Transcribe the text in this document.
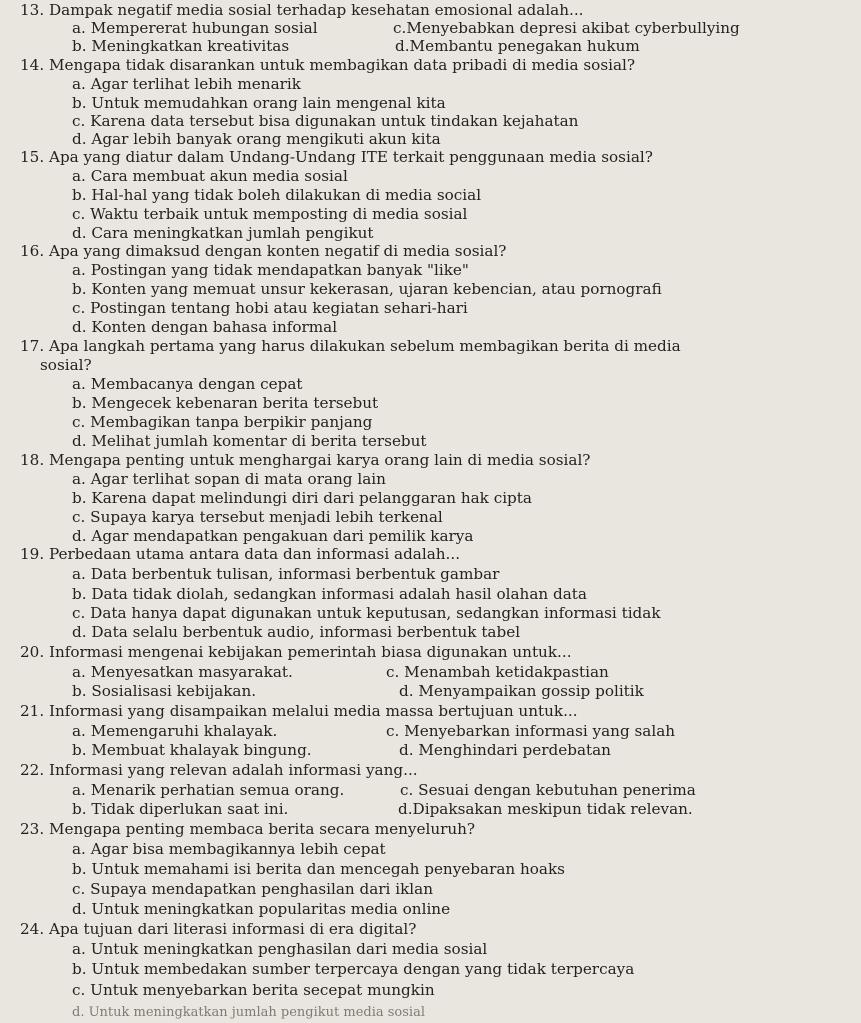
13. Dampak negatif media sosial terhadap kesehatan emosional adalah...
a. Mempererat hubungan sosial	c.Menyebabkan depresi akibat cyberbullying
b. Meningkatkan kreativitas	d.Membantu penegakan hukum
14. Mengapa tidak disarankan untuk membagikan data pribadi di media sosial?
a. Agar terlihat lebih menarik
b. Untuk memudahkan orang lain mengenal kita
c. Karena data tersebut bisa digunakan untuk tindakan kejahatan
d. Agar lebih banyak orang mengikuti akun kita
15. Apa yang diatur dalam Undang-Undang ITE terkait penggunaan media sosial?
a. Cara membuat akun media sosial
b. Hal-hal yang tidak boleh dilakukan di media social
c. Waktu terbaik untuk memposting di media sosial
d. Cara meningkatkan jumlah pengikut
16. Apa yang dimaksud dengan konten negatif di media sosial?
a. Postingan yang tidak mendapatkan banyak "like"
b. Konten yang memuat unsur kekerasan, ujaran kebencian, atau pornografi
c. Postingan tentang hobi atau kegiatan sehari-hari
d. Konten dengan bahasa informal
17. Apa langkah pertama yang harus dilakukan sebelum membagikan berita di media
sosial?
a. Membacanya dengan cepat
b. Mengecek kebenaran berita tersebut
c. Membagikan tanpa berpikir panjang
d. Melihat jumlah komentar di berita tersebut
18. Mengapa penting untuk menghargai karya orang lain di media sosial?
a. Agar terlihat sopan di mata orang lain
b. Karena dapat melindungi diri dari pelanggaran hak cipta
c. Supaya karya tersebut menjadi lebih terkenal
d. Agar mendapatkan pengakuan dari pemilik karya
19. Perbedaan utama antara data dan informasi adalah...
a. Data berbentuk tulisan, informasi berbentuk gambar
b. Data tidak diolah, sedangkan informasi adalah hasil olahan data
c. Data hanya dapat digunakan untuk keputusan, sedangkan informasi tidak
d. Data selalu berbentuk audio, informasi berbentuk tabel
20. Informasi mengenai kebijakan pemerintah biasa digunakan untuk...
a. Menyesatkan masyarakat.	c. Menambah ketidakpastian
b. Sosialisasi kebijakan.	d. Menyampaikan gossip politik
21. Informasi yang disampaikan melalui media massa bertujuan untuk...
a. Memengaruhi khalayak.	c. Menyebarkan informasi yang salah
b. Membuat khalayak bingung.	d. Menghindari perdebatan
22. Informasi yang relevan adalah informasi yang...
a. Menarik perhatian semua orang.	c. Sesuai dengan kebutuhan penerima
b. Tidak diperlukan saat ini.	d.Dipaksakan meskipun tidak relevan.
23. Mengapa penting membaca berita secara menyeluruh?
a. Agar bisa membagikannya lebih cepat
b. Untuk memahami isi berita dan mencegah penyebaran hoaks
c. Supaya mendapatkan penghasilan dari iklan
d. Untuk meningkatkan popularitas media online
24. Apa tujuan dari literasi informasi di era digital?
a. Untuk meningkatkan penghasilan dari media sosial
b. Untuk membedakan sumber terpercaya dengan yang tidak terpercaya
c. Untuk menyebarkan berita secepat mungkin
d. Untuk meningkatkan jumlah pengikut media sosial
